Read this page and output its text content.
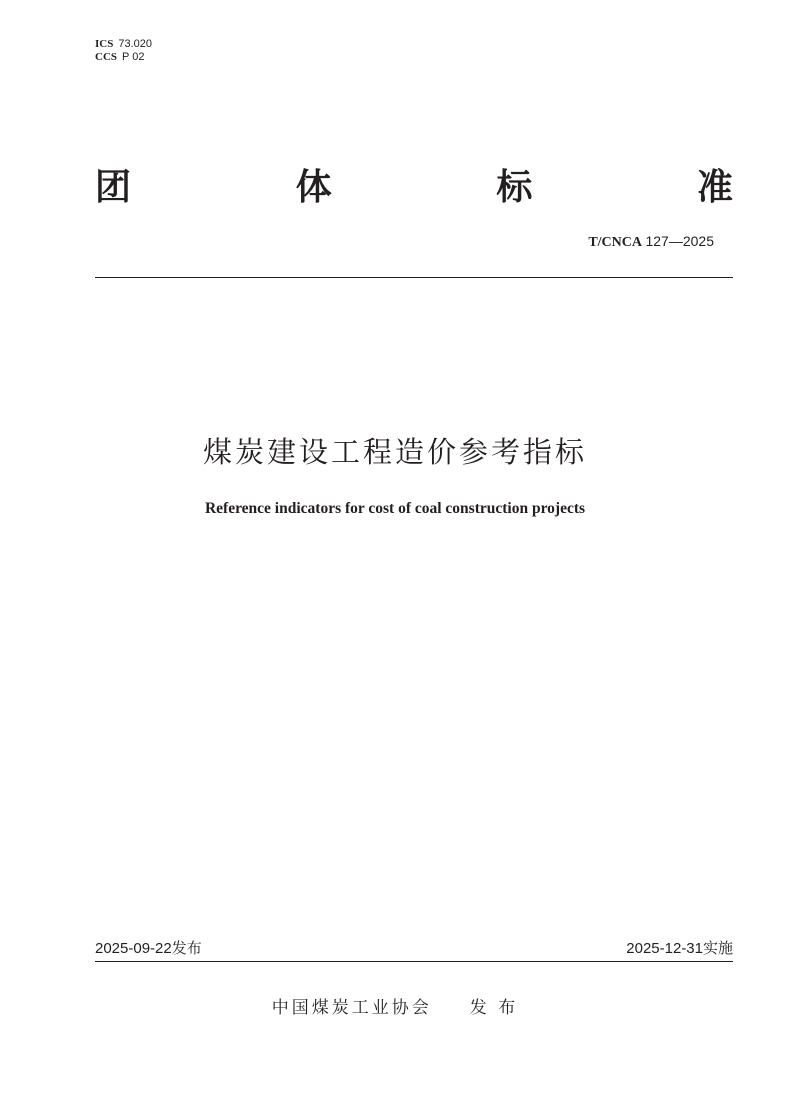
ICS 73.020
CCS P 02
团	体	标	准
T/CNCA 127—2025
煤炭建设工程造价参考指标
Reference indicators for cost of coal construction projects
2025-09-22发布	2025-12-31实施
中国煤炭工业协会 发 布
